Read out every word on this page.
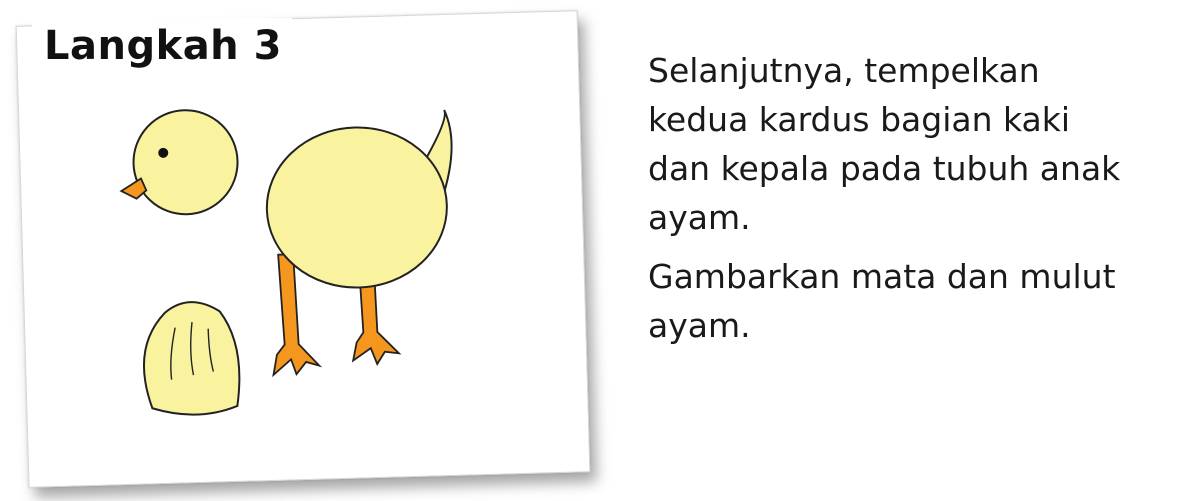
Langkah 3

Selanjutnya, tempelkan
kedua kardus bagian kaki
dan kepala pada tubuh anak
ayam.

Gambarkan mata dan mulut
ayam.
